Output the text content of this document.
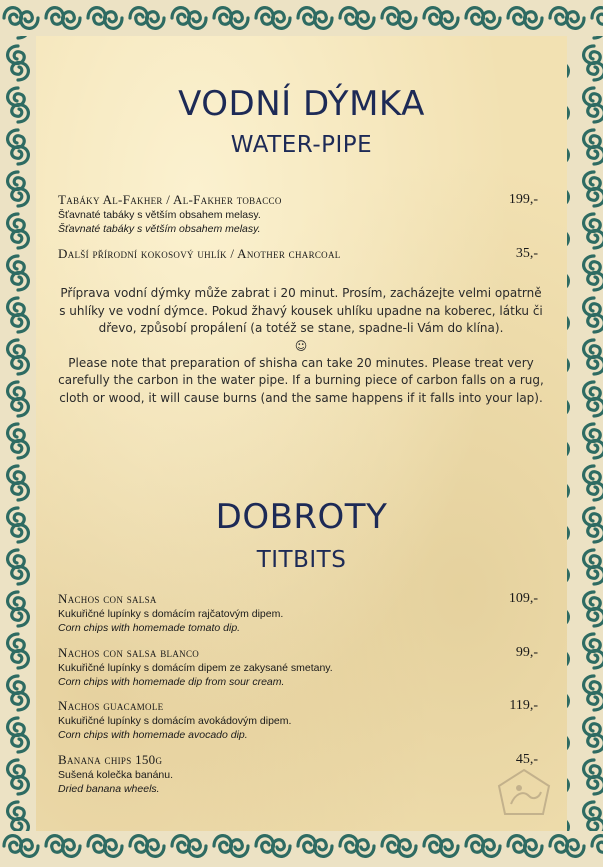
VODNÍ DÝMKA
WATER-PIPE
Tabáky Al-Fakher / Al-Fakher tobacco
Šťavnaté tabáky s větším obsahem melasy.
Šťavnaté tabáky s větším obsahem melasy.
199,-
Další přírodní kokosový uhlík / Another charcoal	35,-
Příprava vodní dýmky může zabrat i 20 minut. Prosím, zacházejte velmi opatrně s uhlíky ve vodní dýmce. Pokud žhavý kousek uhlíku upadne na koberec, látku či dřevo, způsobí propálení (a totéž se stane, spadne-li Vám do klína).
☺
Please note that preparation of shisha can take 20 minutes. Please treat very carefully the carbon in the water pipe. If a burning piece of carbon falls on a rug, cloth or wood, it will cause burns (and the same happens if it falls into your lap).
DOBROTY
TITBITS
Nachos con salsa
Kukuřičné lupínky s domácím rajčatovým dipem.
Corn chips with homemade tomato dip.
109,-
Nachos con salsa blanco
Kukuřičné lupínky s domácím dipem ze zakysané smetany.
Corn chips with homemade dip from sour cream.
99,-
Nachos guacamole
Kukuřičné lupínky s domácím avokádovým dipem.
Corn chips with homemade avocado dip.
119,-
Banana chips 150g
Sušená kolečka banánu.
Dried banana wheels.
45,-
